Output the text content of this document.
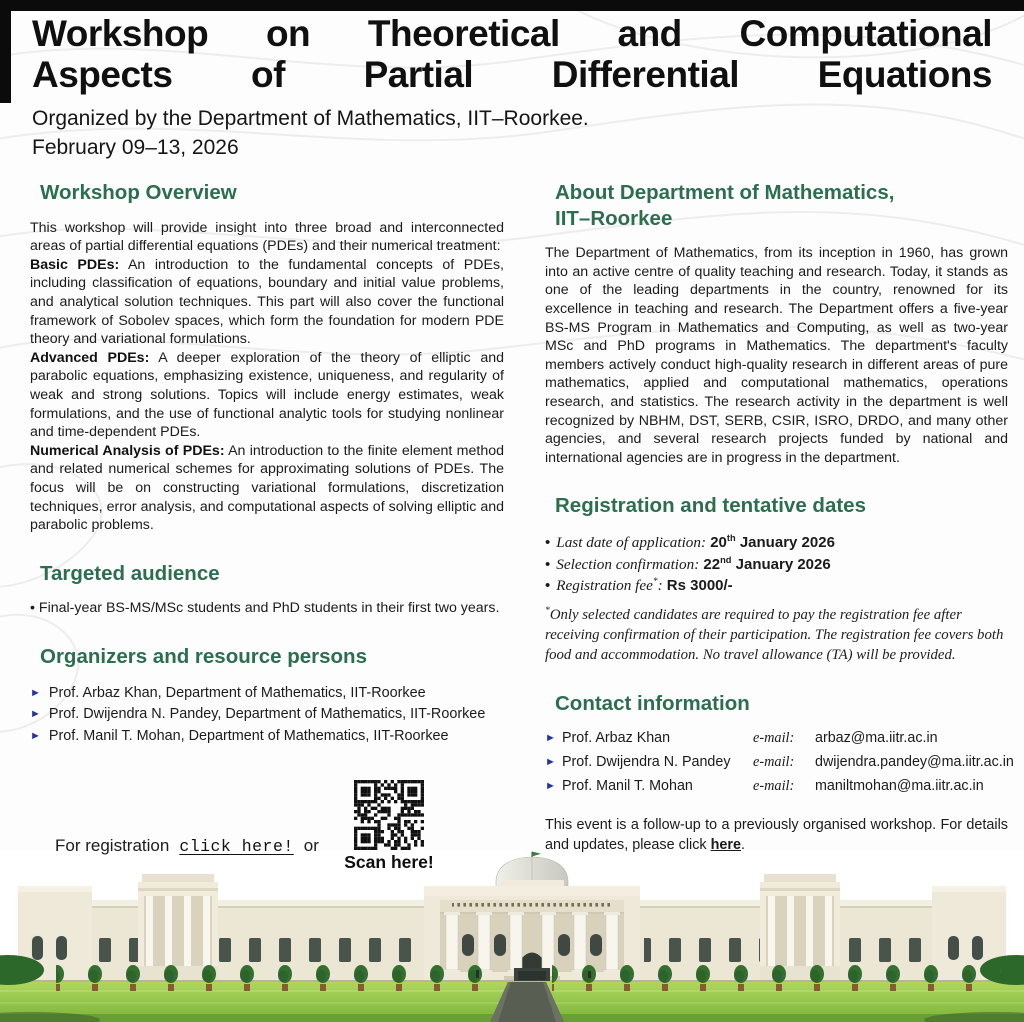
Workshop on Theoretical and Computational
Aspects of Partial Differential Equations
Organized by the Department of Mathematics, IIT–Roorkee.
February 09–13, 2026
Workshop Overview

This workshop will provide insight into three broad and interconnected areas of partial differential equations (PDEs) and their numerical treatment:

Basic PDEs: An introduction to the fundamental concepts of PDEs, including classification of equations, boundary and initial value problems, and analytical solution techniques. This part will also cover the functional framework of Sobolev spaces, which form the foundation for modern PDE theory and variational formulations.

Advanced PDEs: A deeper exploration of the theory of elliptic and parabolic equations, emphasizing existence, uniqueness, and regularity of weak and strong solutions. Topics will include energy estimates, weak formulations, and the use of functional analytic tools for studying nonlinear and time-dependent PDEs.

Numerical Analysis of PDEs: An introduction to the finite element method and related numerical schemes for approximating solutions of PDEs. The focus will be on constructing variational formulations, discretization techniques, error analysis, and computational aspects of solving elliptic and parabolic problems.

Targeted audience

• Final-year BS-MS/MSc students and PhD students in their first two years.

Organizers and resource persons
► Prof. Arbaz Khan, Department of Mathematics, IIT-Roorkee
► Prof. Dwijendra N. Pandey, Department of Mathematics, IIT-Roorkee
► Prof. Manil T. Mohan, Department of Mathematics, IIT-Roorkee
About Department of Mathematics,
IIT–Roorkee

The Department of Mathematics, from its inception in 1960, has grown into an active centre of quality teaching and research. Today, it stands as one of the leading departments in the country, renowned for its excellence in teaching and research. The Department offers a five-year BS-MS Program in Mathematics and Computing, as well as two-year MSc and PhD programs in Mathematics. The department's faculty members actively conduct high-quality research in different areas of pure mathematics, applied and computational mathematics, operations research, and statistics. The research activity in the department is well recognized by NBHM, DST, SERB, CSIR, ISRO, DRDO, and many other agencies, and several research projects funded by national and international agencies are in progress in the department.

Registration and tentative dates
• Last date of application: 20th January 2026
• Selection confirmation: 22nd January 2026
• Registration fee*: Rs 3000/-

*Only selected candidates are required to pay the registration fee after receiving confirmation of their participation. The registration fee covers both food and accommodation. No travel allowance (TA) will be provided.

Contact information
► Prof. Arbaz Khan	e-mail:	arbaz@ma.iitr.ac.in
► Prof. Dwijendra N. Pandey	e-mail:	dwijendra.pandey@ma.iitr.ac.in
► Prof. Manil T. Mohan	e-mail:	maniltmohan@ma.iitr.ac.in

This event is a follow-up to a previously organised workshop. For details and updates, please click here.

For registration click here! or
Scan here!
